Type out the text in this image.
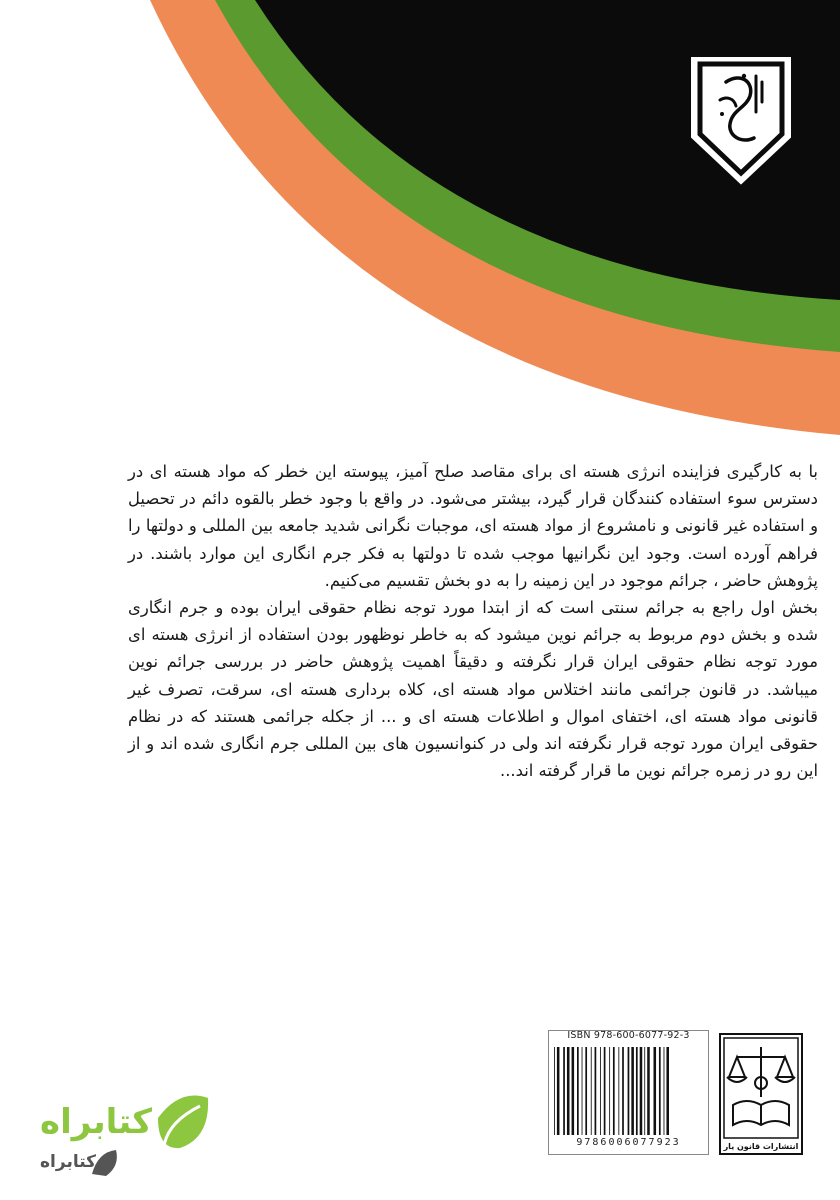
با به کارگیری فزاینده انرژی هسته ای برای مقاصد صلح آمیز، پیوسته این خطر که مواد هسته ای در دسترس سوء استفاده کنندگان قرار گیرد، بیشتر می‌شود. در واقع با وجود خطر بالقوه دائم در تحصیل و استفاده غیر قانونی و نامشروع از مواد هسته ای، موجبات نگرانی شدید جامعه بین المللی و دولتها را فراهم آورده است. وجود این نگرانیها موجب شده تا دولتها به فکر جرم انگاری این موارد باشند. در پژوهش حاضر ، جرائم موجود در این زمینه را به دو بخش تقسیم می‌کنیم.

بخش اول راجع به جرائم سنتی است که از ابتدا مورد توجه نظام حقوقی ایران بوده و جرم انگاری شده و بخش دوم مربوط به جرائم نوین میشود که به خاطر نوظهور بودن استفاده از انرژی هسته ای مورد توجه نظام حقوقی ایران قرار نگرفته و دقیقاً اهمیت پژوهش حاضر در بررسی جرائم نوین میباشد. در قانون جرائمی مانند اختلاس مواد هسته ای، کلاه برداری هسته ای، سرقت، تصرف غیر قانونی مواد هسته ای، اختفای اموال و اطلاعات هسته ای و ... از جکله جرائمی هستند که در نظام حقوقی ایران مورد توجه قرار نگرفته اند ولی در کنوانسیون های بین المللی جرم انگاری شده اند و از این رو در زمره جرائم نوین ما قرار گرفته اند...

ISBN 978-600-6077-92-3
9786006077923	انتشارات قانون یار
کتابراه
کتابراه
